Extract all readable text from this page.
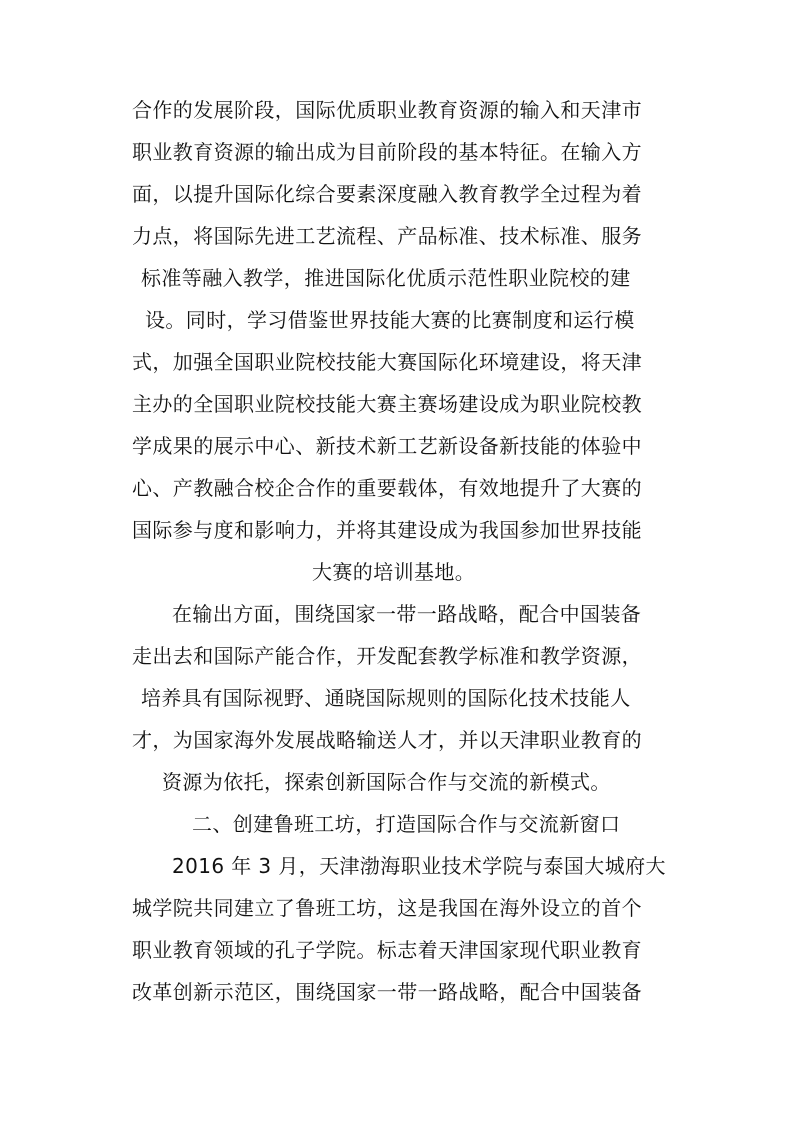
合作的发展阶段，国际优质职业教育资源的输入和天津市
职业教育资源的输出成为目前阶段的基本特征。在输入方
面，以提升国际化综合要素深度融入教育教学全过程为着
力点，将国际先进工艺流程、产品标准、技术标准、服务
标准等融入教学，推进国际化优质示范性职业院校的建
设。同时，学习借鉴世界技能大赛的比赛制度和运行模
式，加强全国职业院校技能大赛国际化环境建设，将天津
主办的全国职业院校技能大赛主赛场建设成为职业院校教
学成果的展示中心、新技术新工艺新设备新技能的体验中
心、产教融合校企合作的重要载体，有效地提升了大赛的
国际参与度和影响力，并将其建设成为我国参加世界技能
大赛的培训基地。
在输出方面，围绕国家一带一路战略，配合中国装备
走出去和国际产能合作，开发配套教学标准和教学资源，
培养具有国际视野、通晓国际规则的国际化技术技能人
才，为国家海外发展战略输送人才，并以天津职业教育的
资源为依托，探索创新国际合作与交流的新模式。
二、创建鲁班工坊，打造国际合作与交流新窗口
2016 年 3 月，天津渤海职业技术学院与泰国大城府大
城学院共同建立了鲁班工坊，这是我国在海外设立的首个
职业教育领域的孔子学院。标志着天津国家现代职业教育
改革创新示范区，围绕国家一带一路战略，配合中国装备
